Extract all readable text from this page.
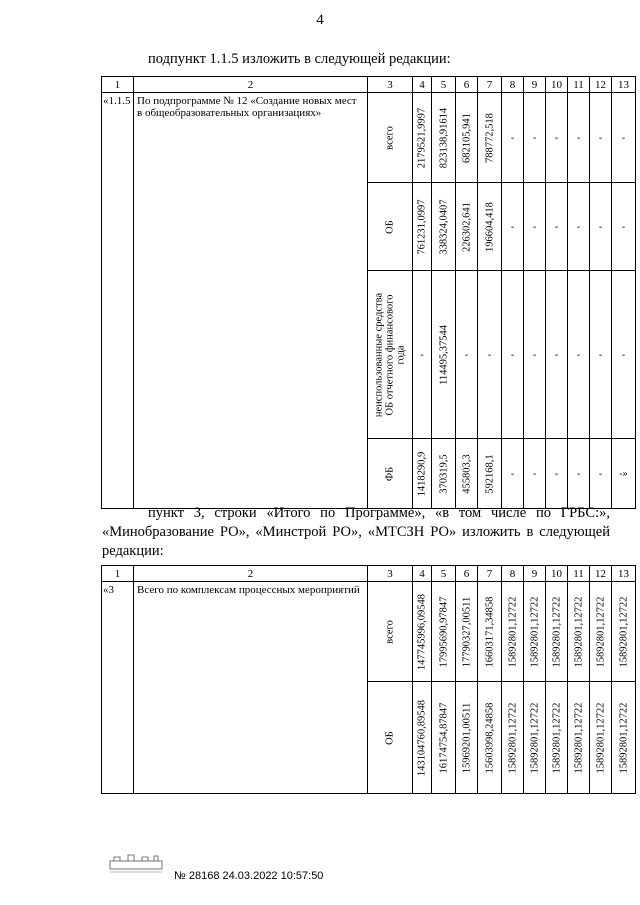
4
подпункт 1.1.5 изложить в следующей редакции:
1	2	3	4	5	6	7	8	9	10	11	12	13
«1.1.5	По подпрограмме № 12 «Создание новых мест в общеобразовательных организациях»	всего	2179521,9997	823138,91614	682105,941	788772,518	-	-	-	-	-	-

		ОБ	761231,0997	338324,0407	226302,641	196604,418	-	-	-	-	-	-

		неиспользованные средства ОБ отчетного финансового года	-	114495,37544	-	-	-	-	-	-	-	-

		ФБ	1418290,9	370319,5	455803,3	592168,1	-	-	-	-	-	-»
пункт 3, строки «Итого по Программе», «в том числе по ГРБС:», «Минобразование РО», «Минстрой РО», «МТСЗН РО» изложить в следующей редакции:
1	2	3	4	5	6	7	8	9	10	11	12	13
«3	Всего по комплексам процессных мероприятий	всего	147745996,09548	17995690,97847	17790327,00511	16603171,34858	15892801,12722	15892801,12722	15892801,12722	15892801,12722	15892801,12722	15892801,12722

		ОБ	143104760,89548	16174754,87847	15969201,00511	15603998,24858	15892801,12722	15892801,12722	15892801,12722	15892801,12722	15892801,12722	15892801,12722
№ 28168 24.03.2022 10:57:50
